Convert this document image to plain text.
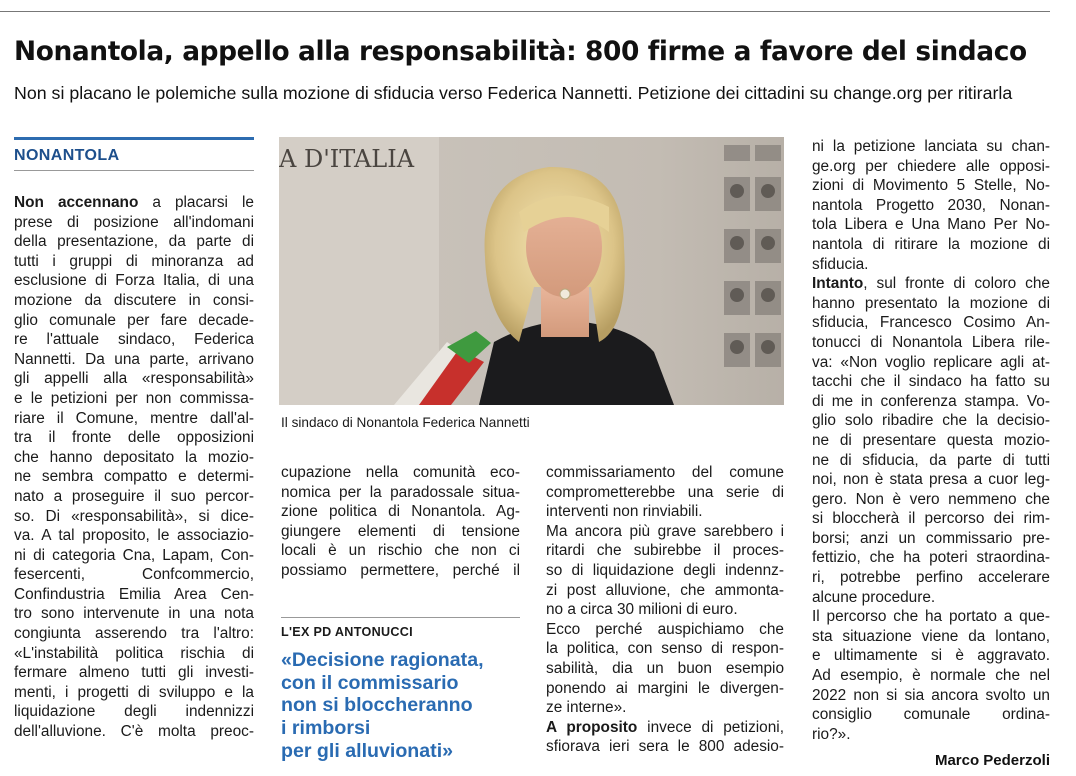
Nonantola, appello alla responsabilità: 800 firme a favore del sindaco
Non si placano le polemiche sulla mozione di sfiducia verso Federica Nannetti. Petizione dei cittadini su change.org per ritirarla
NONANTOLA

Non accennano a placarsi le

prese di posizione all'indomani

della presentazione, da parte di

tutti i gruppi di minoranza ad

esclusione di Forza Italia, di una

mozione da discutere in consi-

glio comunale per fare decade-

re l'attuale sindaco, Federica

Nannetti. Da una parte, arrivano

gli appelli alla «responsabilità»

e le petizioni per non commissa-

riare il Comune, mentre dall'al-

tra il fronte delle opposizioni

che hanno depositato la mozio-

ne sembra compatto e determi-

nato a proseguire il suo percor-

so. Di «responsabilità», si dice-

va. A tal proposito, le associazio-

ni di categoria Cna, Lapam, Con-

fesercenti, Confcommercio,

Confindustria Emilia Area Cen-

tro sono intervenute in una nota

congiunta asserendo tra l'altro:

«L'instabilità politica rischia di

fermare almeno tutti gli investi-

menti, i progetti di sviluppo e la

liquidazione degli indennizzi

dell'alluvione. C'è molta preoc-

A D'ITALIA
Il sindaco di Nonantola Federica Nannetti

cupazione nella comunità eco-

nomica per la paradossale situa-

zione politica di Nonantola. Ag-

giungere elementi di tensione

locali è un rischio che non ci

possiamo permettere, perché il

L'EX PD ANTONUCCI
«Decisione ragionata,
con il commissario
non si bloccheranno
i rimborsi
per gli alluvionati»

commissariamento del comune

comprometterebbe una serie di

interventi non rinviabili.

Ma ancora più grave sarebbero i

ritardi che subirebbe il proces-

so di liquidazione degli indennz-

zi post alluvione, che ammonta-

no a circa 30 milioni di euro.

Ecco perché auspichiamo che

la politica, con senso di respon-

sabilità, dia un buon esempio

ponendo ai margini le divergen-

ze interne».

A proposito invece di petizioni,

sfiorava ieri sera le 800 adesio-

ni la petizione lanciata su chan-

ge.org per chiedere alle opposi-

zioni di Movimento 5 Stelle, No-

nantola Progetto 2030, Nonan-

tola Libera e Una Mano Per No-

nantola di ritirare la mozione di

sfiducia.

Intanto, sul fronte di coloro che

hanno presentato la mozione di

sfiducia, Francesco Cosimo An-

tonucci di Nonantola Libera rile-

va: «Non voglio replicare agli at-

tacchi che il sindaco ha fatto su

di me in conferenza stampa. Vo-

glio solo ribadire che la decisio-

ne di presentare questa mozio-

ne di sfiducia, da parte di tutti

noi, non è stata presa a cuor leg-

gero. Non è vero nemmeno che

si bloccherà il percorso dei rim-

borsi; anzi un commissario pre-

fettizio, che ha poteri straordina-

ri, potrebbe perfino accelerare

alcune procedure.

Il percorso che ha portato a que-

sta situazione viene da lontano,

e ultimamente si è aggravato.

Ad esempio, è normale che nel

2022 non si sia ancora svolto un

consiglio comunale ordina-

rio?».

Marco Pederzoli
